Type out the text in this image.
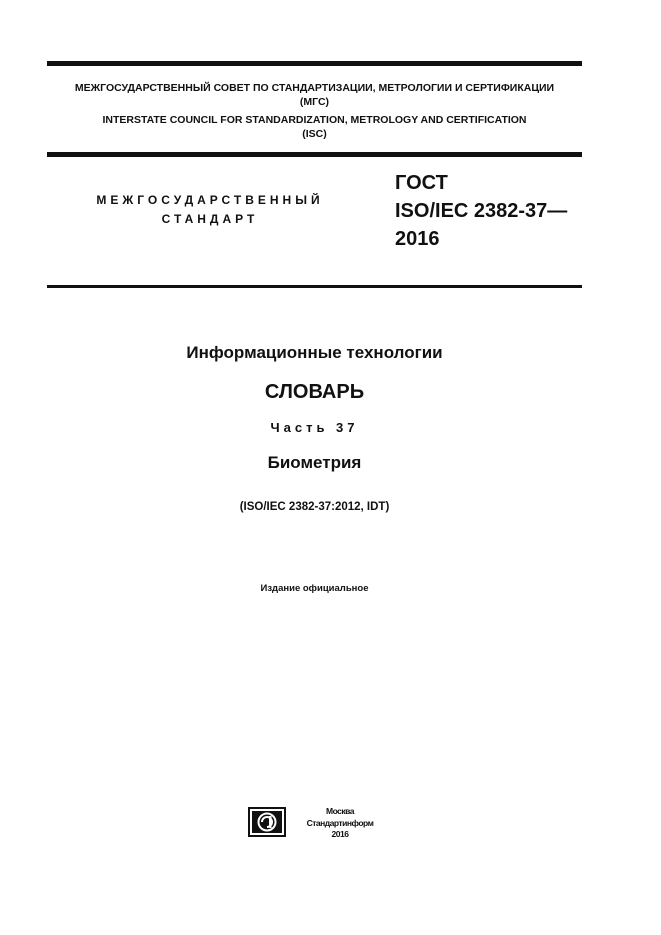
МЕЖГОСУДАРСТВЕННЫЙ СОВЕТ ПО СТАНДАРТИЗАЦИИ, МЕТРОЛОГИИ И СЕРТИФИКАЦИИ
(МГС)
INTERSTATE COUNCIL FOR STANDARDIZATION, METROLOGY AND CERTIFICATION
(ISC)
МЕЖГОСУДАРСТВЕННЫЙ
СТАНДАРТ
ГОСТ
ISO/IEC 2382-37—
2016
Информационные технологии
СЛОВАРЬ
Часть 37
Биометрия
(ISO/IEC 2382-37:2012, IDT)
Издание официальное
Москва
Стандартинформ
2016
